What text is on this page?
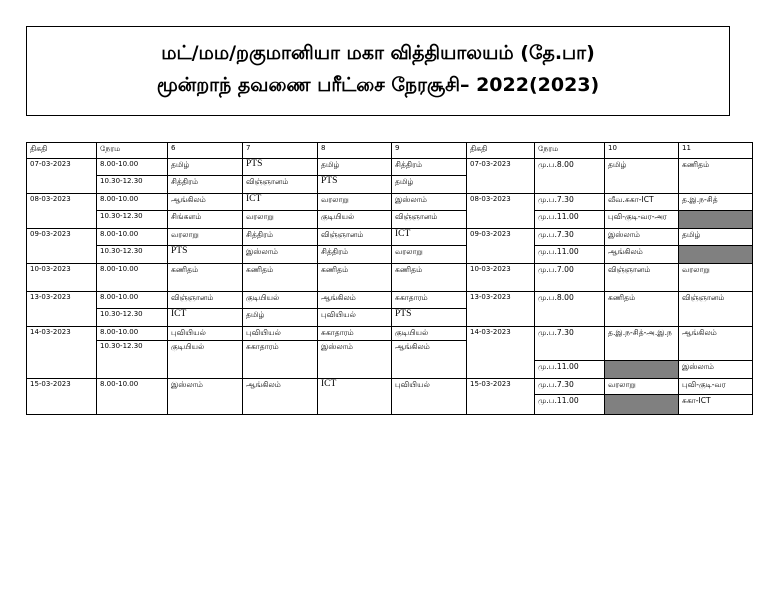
மட்/மம/றகுமானியா மகா வித்தியாலயம் (தே.பா)
மூன்றாந் தவணை பரீட்சை நேரசூசி– 2022(2023)
திகதி	நேரம	6	7	8	9	திகதி	நேரம	10	11
07-03-2023	8.00-10.00	தமிழ்	PTS	தமிழ்	சித்திரம்	07-03-2023	மு.ப.8.00	தமிழ்	கணிதம்
	10.30-12.30	சித்திரம்	விஞ்ஞானம்	PTS	தமிழ்				
08-03-2023	8.00-10.00	ஆங்கிலம்	ICT	வரலாறு	இஸ்லாம்	08-03-2023	மு.ப.7.30	வீவ.சுகா-ICT	த.இ.ந-சித்
	10.30-12.30	சிங்களம்	வரலாறு	குடியியல்	விஞ்ஞானம்		மு.ப.11.00	புவி-குடி-வர-அர	
09-03-2023	8.00-10.00	வரலாறு	சித்திரம்	விஞ்ஞானம்	ICT	09-03-2023	மு.ப.7.30	இஸ்லாம்	தமிழ்
	10.30-12.30	PTS	இஸ்லாம்	சித்திரம்	வரலாறு		மு.ப.11.00	ஆங்கிலம்	
10-03-2023	8.00-10.00	கணிதம்	கணிதம்	கணிதம்	கணிதம்	10-03-2023	மு.ப.7.00	விஞ்ஞானம்	வரலாறு
13-03-2023	8.00-10.00	விஞ்ஞானம்	குடியியல்	ஆங்கிலம்	சுகாதாரம்	13-03-2023	மு.ப.8.00	கணிதம்	விஞ்ஞானம்
	10.30-12.30	ICT	தமிழ்	புவியியல்	PTS				
14-03-2023	8.00-10.00	புவியியல்	புவியியல்	சுகாதாரம்	குடியியல்	14-03-2023	மு.ப.7.30	த.இ.ந-சித்-அ.இ.ந	ஆங்கிலம்
	10.30-12.30	குடியியல்	சுகாதாரம்	இஸ்லாம்	ஆங்கிலம்				
							மு.ப.11.00		இஸ்லாம்
15-03-2023	8.00-10.00	இஸ்லாம்	ஆங்கிலம்	ICT	புவியியல்	15-03-2023	மு.ப.7.30	வரலாறு	புவி-குடி-வர
							மு.ப.11.00		சுகா-ICT
